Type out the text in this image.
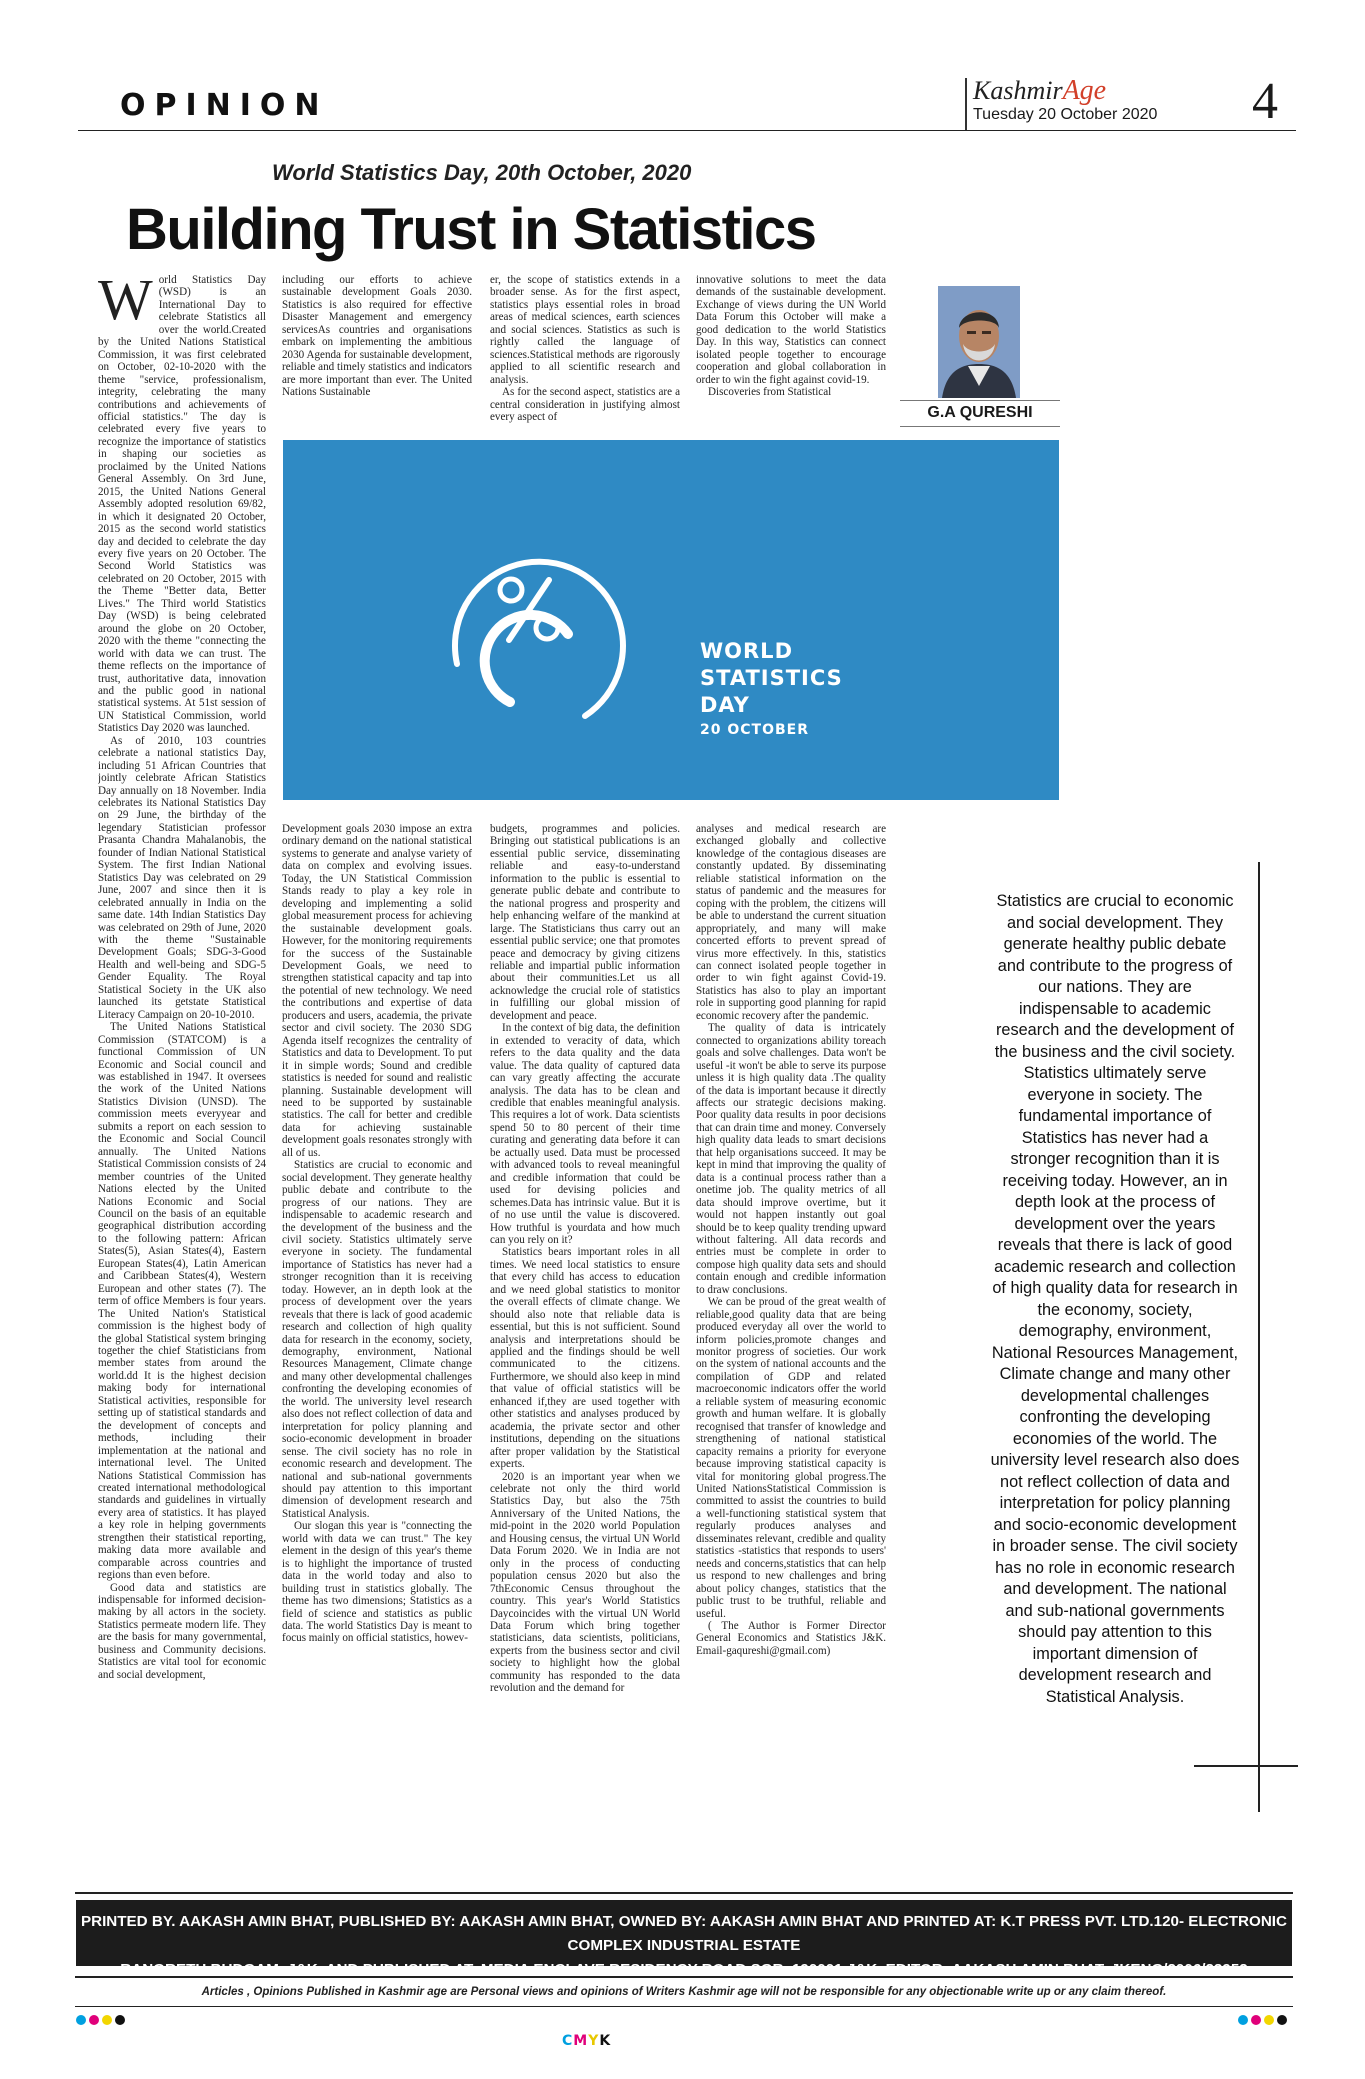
OPINION	KashmirAge
Tuesday 20 October 2020	4
World Statistics Day, 20th October, 2020
Building Trust in Statistics

World Statistics Day (WSD) is an International Day to celebrate Statistics all over the world.Created by the United Nations Statistical Commission, it was first celebrated on October, 02-10-2020 with the theme "service, professionalism, integrity, celebrating the many contributions and achievements of official statistics." The day is celebrated every five years to recognize the importance of statistics in shaping our societies as proclaimed by the United Nations General Assembly. On 3rd June, 2015, the United Nations General Assembly adopted resolution 69/82, in which it designated 20 October, 2015 as the second world statistics day and decided to celebrate the day every five years on 20 October. The Second World Statistics was celebrated on 20 October, 2015 with the Theme "Better data, Better Lives." The Third world Statistics Day (WSD) is being celebrated around the globe on 20 October, 2020 with the theme "connecting the world with data we can trust. The theme reflects on the importance of trust, authoritative data, innovation and the public good in national statistical systems. At 51st session of UN Statistical Commission, world Statistics Day 2020 was launched.

As of 2010, 103 countries celebrate a national statistics Day, including 51 African Countries that jointly celebrate African Statistics Day annually on 18 November. India celebrates its National Statistics Day on 29 June, the birthday of the legendary Statistician professor Prasanta Chandra Mahalanobis, the founder of Indian National Statistical System. The first Indian National Statistics Day was celebrated on 29 June, 2007 and since then it is celebrated annually in India on the same date. 14th Indian Statistics Day was celebrated on 29th of June, 2020 with the theme "Sustainable Development Goals; SDG-3-Good Health and well-being and SDG-5 Gender Equality. The Royal Statistical Society in the UK also launched its getstate Statistical Literacy Campaign on 20-10-2010.

The United Nations Statistical Commission (STATCOM) is a functional Commission of UN Economic and Social council and was established in 1947. It oversees the work of the United Nations Statistics Division (UNSD). The commission meets everyyear and submits a report on each session to the Economic and Social Council annually. The United Nations Statistical Commission consists of 24 member countries of the United Nations elected by the United Nations Economic and Social Council on the basis of an equitable geographical distribution according to the following pattern: African States(5), Asian States(4), Eastern European States(4), Latin American and Caribbean States(4), Western European and other states (7). The term of office Members is four years. The United Nation's Statistical commission is the highest body of the global Statistical system bringing together the chief Statisticians from member states from around the world.dd It is the highest decision making body for international Statistical activities, responsible for setting up of statistical standards and the development of concepts and methods, including their implementation at the national and international level. The United Nations Statistical Commission has created international methodological standards and guidelines in virtually every area of statistics. It has played a key role in helping governments strengthen their statistical reporting, making data more available and comparable across countries and regions than even before.

Good data and statistics are indispensable for informed decision-making by all actors in the society. Statistics permeate modern life. They are the basis for many governmental, business and Community decisions. Statistics are vital tool for economic and social development,

including our efforts to achieve sustainable development Goals 2030. Statistics is also required for effective Disaster Management and emergency servicesAs countries and organisations embark on implementing the ambitious 2030 Agenda for sustainable development, reliable and timely statistics and indicators are more important than ever. The United Nations Sustainable

er, the scope of statistics extends in a broader sense. As for the first aspect, statistics plays essential roles in broad areas of medical sciences, earth sciences and social sciences. Statistics as such is rightly called the language of sciences.Statistical methods are rigorously applied to all scientific research and analysis.

As for the second aspect, statistics are a central consideration in justifying almost every aspect of

innovative solutions to meet the data demands of the sustainable development. Exchange of views during the UN World Data Forum this October will make a good dedication to the world Statistics Day. In this way, Statistics can connect isolated people together to encourage cooperation and global collaboration in order to win the fight against covid-19.

Discoveries from Statistical

Development goals 2030 impose an extra ordinary demand on the national statistical systems to generate and analyse variety of data on complex and evolving issues. Today, the UN Statistical Commission Stands ready to play a key role in developing and implementing a solid global measurement process for achieving the sustainable development goals. However, for the monitoring requirements for the success of the Sustainable Development Goals, we need to strengthen statistical capacity and tap into the potential of new technology. We need the contributions and expertise of data producers and users, academia, the private sector and civil society. The 2030 SDG Agenda itself recognizes the centrality of Statistics and data to Development. To put it in simple words; Sound and credible statistics is needed for sound and realistic planning. Sustainable development will need to be supported by sustainable statistics. The call for better and credible data for achieving sustainable development goals resonates strongly with all of us.

Statistics are crucial to economic and social development. They generate healthy public debate and contribute to the progress of our nations. They are indispensable to academic research and the development of the business and the civil society. Statistics ultimately serve everyone in society. The fundamental importance of Statistics has never had a stronger recognition than it is receiving today. However, an in depth look at the process of development over the years reveals that there is lack of good academic research and collection of high quality data for research in the economy, society, demography, environment, National Resources Management, Climate change and many other developmental challenges confronting the developing economies of the world. The university level research also does not reflect collection of data and interpretation for policy planning and socio-economic development in broader sense. The civil society has no role in economic research and development. The national and sub-national governments should pay attention to this important dimension of development research and Statistical Analysis.

Our slogan this year is "connecting the world with data we can trust." The key element in the design of this year's theme is to highlight the importance of trusted data in the world today and also to building trust in statistics globally. The theme has two dimensions; Statistics as a field of science and statistics as public data. The world Statistics Day is meant to focus mainly on official statistics, howev-

budgets, programmes and policies. Bringing out statistical publications is an essential public service, disseminating reliable and easy-to-understand information to the public is essential to generate public debate and contribute to the national progress and prosperity and help enhancing welfare of the mankind at large. The Statisticians thus carry out an essential public service; one that promotes peace and democracy by giving citizens reliable and impartial public information about their communities.Let us all acknowledge the crucial role of statistics in fulfilling our global mission of development and peace.

In the context of big data, the definition in extended to veracity of data, which refers to the data quality and the data value. The data quality of captured data can vary greatly affecting the accurate analysis. The data has to be clean and credible that enables meaningful analysis. This requires a lot of work. Data scientists spend 50 to 80 percent of their time curating and generating data before it can be actually used. Data must be processed with advanced tools to reveal meaningful and credible information that could be used for devising policies and schemes.Data has intrinsic value. But it is of no use until the value is discovered. How truthful is yourdata and how much can you rely on it?

Statistics bears important roles in all times. We need local statistics to ensure that every child has access to education and we need global statistics to monitor the overall effects of climate change. We should also note that reliable data is essential, but this is not sufficient. Sound analysis and interpretations should be applied and the findings should be well communicated to the citizens. Furthermore, we should also keep in mind that value of official statistics will be enhanced if,they are used together with other statistics and analyses produced by academia, the private sector and other institutions, depending on the situations after proper validation by the Statistical experts.

2020 is an important year when we celebrate not only the third world Statistics Day, but also the 75th Anniversary of the United Nations, the mid-point in the 2020 world Population and Housing census, the virtual UN World Data Forum 2020. We in India are not only in the process of conducting population census 2020 but also the 7thEconomic Census throughout the country. This year's World Statistics Daycoincides with the virtual UN World Data Forum which bring together statisticians, data scientists, politicians, experts from the business sector and civil society to highlight how the global community has responded to the data revolution and the demand for

analyses and medical research are exchanged globally and collective knowledge of the contagious diseases are constantly updated. By disseminating reliable statistical information on the status of pandemic and the measures for coping with the problem, the citizens will be able to understand the current situation appropriately, and many will make concerted efforts to prevent spread of virus more effectively. In this, statistics can connect isolated people together in order to win fight against Covid-19. Statistics has also to play an important role in supporting good planning for rapid economic recovery after the pandemic.

The quality of data is intricately connected to organizations ability toreach goals and solve challenges. Data won't be useful -it won't be able to serve its purpose unless it is high quality data .The quality of the data is important because it directly affects our strategic decisions making. Poor quality data results in poor decisions that can drain time and money. Conversely high quality data leads to smart decisions that help organisations succeed. It may be kept in mind that improving the quality of data is a continual process rather than a onetime job. The quality metrics of all data should improve overtime, but it would not happen instantly out goal should be to keep quality trending upward without faltering. All data records and entries must be complete in order to compose high quality data sets and should contain enough and credible information to draw conclusions.

We can be proud of the great wealth of reliable,good quality data that are being produced everyday all over the world to inform policies,promote changes and monitor progress of societies. Our work on the system of national accounts and the compilation of GDP and related macroeconomic indicators offer the world a reliable system of measuring economic growth and human welfare. It is globally recognised that transfer of knowledge and strengthening of national statistical capacity remains a priority for everyone because improving statistical capacity is vital for monitoring global progress.The United NationsStatistical Commission is committed to assist the countries to build a well-functioning statistical system that regularly produces analyses and disseminates relevant, credible and quality statistics -statistics that responds to users' needs and concerns,statistics that can help us respond to new challenges and bring about policy changes, statistics that the public trust to be truthful, reliable and useful.

( The Author is Former Director General Economics and Statistics J&K. Email-gaqureshi@gmail.com)

G.A QURESHI
WORLD
STATISTICS
DAY
20 OCTOBER
Statistics are crucial to economic and social development. They generate healthy public debate and contribute to the progress of our nations. They are indispensable to academic research and the development of the business and the civil society. Statistics ultimately serve everyone in society. The fundamental importance of Statistics has never had a stronger recognition than it is receiving today. However, an in depth look at the process of development over the years reveals that there is lack of good academic research and collection of high quality data for research in the economy, society, demography, environment, National Resources Management, Climate change and many other developmental challenges confronting the developing economies of the world. The university level research also does not reflect collection of data and interpretation for policy planning and socio-economic development in broader sense. The civil society has no role in economic research and development. The national and sub-national governments should pay attention to this important dimension of development research and Statistical Analysis.
PRINTED BY. AAKASH AMIN BHAT, PUBLISHED BY: AAKASH AMIN BHAT, OWNED BY: AAKASH AMIN BHAT AND PRINTED AT: K.T PRESS PVT. LTD.120- ELECTRONIC COMPLEX INDUSTRIAL ESTATE
RANGRETH BUDGAM, J&K. AND PUBLISHED AT: MEDIA ENCLAVE RESIDENCY ROAD SGR. 190001 J&K. EDITOR: AAKASH AMIN BHAT, JKENG/2006/23952
Articles , Opinions Published in Kashmir age are Personal views and opinions of Writers Kashmir age will not be responsible for any objectionable write up or any claim thereof.
CMYK
